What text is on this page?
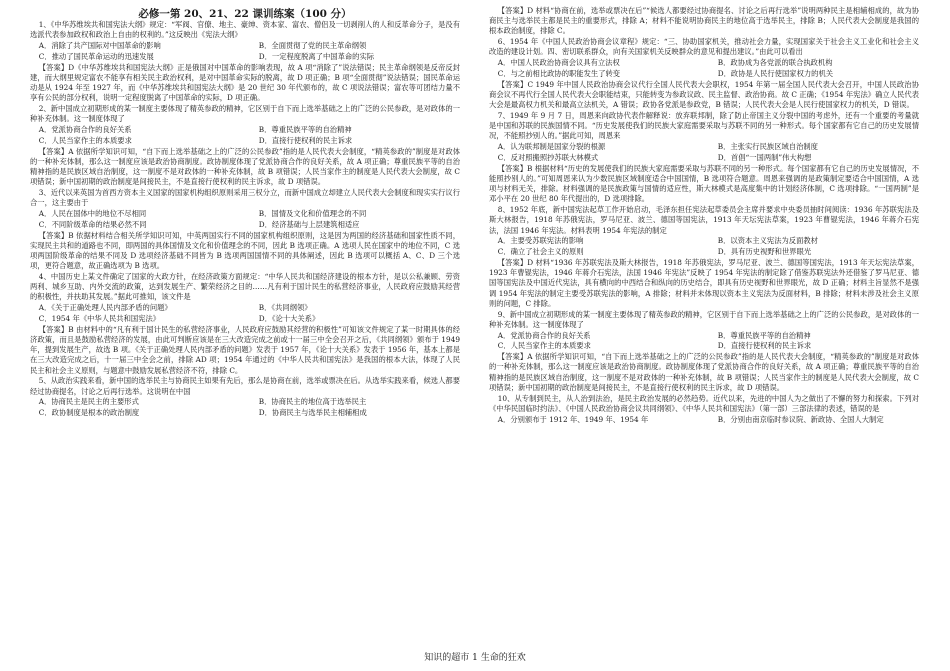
必修一第 20、21、22 课训练案（100 分）

1、《中华苏维埃共和国宪法大纲》规定：“军阀、官僚、地主、豪绅、资本家、富农、僧侣及一切剥削人的人和反革命分子，是没有选派代表参加政权和政治上自由的权利的。”这反映出《宪法大纲》

A．消除了共产国际对中国革命的影响	B．全面贯彻了党的民主革命纲领
C．推动了国民革命运动的迅速发展	D．一定程度脱离了中国革命的实际

【答案】D《中华苏维埃共和国宪法大纲》正是俄国对中国革命的影响表现，故 A 项“消除了”说法错误；民主革命纲领是反帝反封建，而大纲里规定富农不能享有相关民主政治权利，是对中国革命实际的脱离，故 D 项正确；B 项“全面贯彻”说法错误；国民革命运动是从 1924 年至 1927 年，而《中华苏维埃共和国宪法大纲》是 20 世纪 30 年代颁布的，故 C 项说法错误；富农等可团结力量不享有公民的部分权利，说明一定程度脱离了中国革命的实际，D 项正确。

2、新中国成立初期形成的某一制度主要体现了精英参政的精神，它区别于自下而上选举基础之上的广泛的公民参政，是对政体的一种补充体制。这一制度体现了

A．党派协商合作的良好关系	B．尊重民族平等的自治精神
C．人民当家作主的本质要求	D．直接行使权利的民主诉求

【答案】A 依据所学知识可知，“自下而上选举基础之上的广泛的公民参政”指的是人民代表大会制度，“精英参政的”制度是对政体的一种补充体制，那么这一制度应该是政治协商制度。政协制度体现了党派协商合作的良好关系，故 A 项正确；尊重民族平等的自治精神指的是民族区域自治制度，这一制度不是对政体的一种补充体制，故 B 项错误；人民当家作主的制度是人民代表大会制度，故 C 项错误；新中国初期的政治制度是间接民主，不是直接行使权利的民主诉求，故 D 项错误。

3、近代以来英国为首西方资本主义国家的国家机构组织原则采用三权分立，而新中国成立却建立人民代表大会制度和现实实行议行合一，这主要由于

A．人民在国体中的地位不尽相同	B．国情及文化和价值理念的不同
C．不同阶级革命的结果必然不同	D．经济基础与上层建筑相适应

【答案】B 依据材料结合相关所学知识可知，中英两国实行不同的国家机构组织原则，这是因为两国的经济基础和国家性质不同，实现民主共和的道路也不同，即两国的具体国情及文化和价值理念的不同，因此 B 选项正确。A 选项人民在国家中的地位不同，C 选项两国阶级革命的结果不同及 D 选项经济基础不同皆为 B 选项两国国情不同的具体阐述，因此 B 选项可以概括 A、C、D 三个选项，更符合题意，故正确选项为 B 选项。

4、中国历史上某文件确定了国家的大政方针，在经济政策方面规定：“中华人民共和国经济建设的根本方针，是以公私兼顾、劳资两利、城乡互助、内外交流的政策，达到发展生产、繁荣经济之目的……凡有利于国计民生的私营经济事业，人民政府应鼓励其经营的积极性，并扶助其发展。”据此可推知，该文件是

A．《关于正确处理人民内部矛盾的问题》	B．《共同纲领》
C．1954 年《中华人民共和国宪法》	D．《论十大关系》

【答案】B 由材料中的“凡有利于国计民生的私营经济事业，人民政府应鼓励其经营的积极性”可知该文件规定了某一时期具体的经济政策，而且是鼓励私营经济的发展，由此可判断应该是在三大改造完成之前或十一届三中全会召开之后，《共同纲领》颁布于 1949 年，提到发展生产，故选 B 项。《关于正确处理人民内部矛盾的问题》发表于 1957 年，《论十大关系》发表于 1956 年，基本上都是在三大改造完成之后，十一届三中全会之前，排除 AD 项；1954 年通过的《中华人民共和国宪法》是我国的根本大法，体现了人民民主和社会主义原则，与题意中鼓励发展私营经济不符，排除 C。

5、从政治实践来看，新中国的选举民主与协商民主如果有先后，那么是协商在前，选举或票决在后。从选举实践来看，候选人都要经过协商提名，讨论之后再行选举。这说明在中国

A．协商民主是民主的主要形式	B．协商民主的地位高于选举民主
C．政协制度是根本的政治制度	D．协商民主与选举民主相辅相成

【答案】D 材料“协商在前，选举或票决在后”“候选人都要经过协商提名、讨论之后再行选举”说明两种民主是相辅相成的，故为协商民主与选举民主都是民主的重要形式，排除 A；材料不能说明协商民主的地位高于选举民主，排除 B；人民代表大会制度是我国的根本政治制度，排除 C。

6、1954 年《中国人民政治协商会议章程》规定：“三、协助国家机关，推动社会力量，实现国家关于社会主义工业化和社会主义改造的建设计划。四、密切联系群众，向有关国家机关反映群众的意见和提出建议。”由此可以看出

A．中国人民政治协商会议具有立法权	B．政协成为各党派的联合执政机构
C．与之前相比政协的职能发生了转变	D．政协是人民行使国家权力的机关

【答案】C 1949 年中国人民政治协商会议代行全国人民代表大会职权，1954 年第一届全国人民代表大会召开，中国人民政治协商会议不再代行全国人民代表大会职能结束，只能转变为参政议政、民主监督、政治协商。故 C 正确；《1954 年宪法》确立人民代表大会是最高权力机关和最高立法机关，A 错误；政协各党派是参政党，B 错误；人民代表大会是人民行使国家权力的机关，D 错误。

7、1949 年 9 月 7 日，周恩来向政协代表作解释说：放弃联邦制，除了防止帝国主义分裂中国的考虑外，还有一个重要的考量就是中国和苏联的民族国情不同。“历史发展使我们的民族大家庭需要采取与苏联不同的另一种形式。每个国家都有它自己的历史发展情况，不能照抄别人的。”据此可知，周恩来

A．认为联邦制是国家分裂的根源	B．主张实行民族区域自治制度
C．反对照搬照抄苏联大林模式	D．首倡“一国两制”伟大构想

【答案】B 根据材料“历史的发展使我们的民族大家庭需要采取与苏联不同的另一种形式。每个国家都有它自己的历史发展情况，不能照抄别人的。”可知周恩来认为少数民族区域制度适合中国国情，B 选项符合题意。周恩来强调的是政策制定要适合中国国情，A 选项与材料无关，排除。材料强调的是民族政策与国情的适应性，斯大林模式是高度集中的计划经济体制，C 选项排除。“一国两制”是邓小平在 20 世纪 80 年代提出的，D 选项排除。

8、1952 年底，新中国宪法起草工作开始启动，毛泽东担任宪法起草委员会主席并要求中央委员抽时间阅读：1936 年苏联宪法及斯大林报告，1918 年苏俄宪法，罗马尼亚、波兰、德国等国宪法，1913 年天坛宪法草案，1923 年曹锟宪法，1946 年蒋介石宪法，法国 1946 年宪法。材料表明 1954 年宪法的制定

A．主要受苏联宪法的影响	B．以资本主义宪法为反面教材
C．确立了社会主义的原则	D．具有历史视野和世界眼光

【答案】D 材料“1936 年苏联宪法及斯大林报告，1918 年苏俄宪法，罗马尼亚、波兰、德国等国宪法，1913 年天坛宪法草案，1923 年曹锟宪法，1946 年蒋介石宪法，法国 1946 年宪法”反映了 1954 年宪法的制定除了借鉴苏联宪法外还借鉴了罗马尼亚、德国等国宪法及中国近代宪法，具有横向的中西结合和纵向的历史结合，即具有历史视野和世界眼光，故 D 正确；材料主旨显然不是强调 1954 年宪法的制定主要受苏联宪法的影响，A 排除；材料并未体现以资本主义宪法为反面材料，B 排除；材料未涉及社会主义原则的问题，C 排除。

9、新中国成立初期形成的某一制度主要体现了精英参政的精神，它区别于自下而上选举基础之上的广泛的公民参政，是对政体的一种补充体制。这一制度体现了

A．党派协商合作的良好关系	B．尊重民族平等的自治精神
C．人民当家作主的本质要求	D．直接行使权利的民主诉求

【答案】A 依据所学知识可知，“自下而上选举基础之上的广泛的公民参政”指的是人民代表大会制度，“精英参政的”制度是对政体的一种补充体制，那么这一制度应该是政治协商制度。政协制度体现了党派协商合作的良好关系，故 A 项正确；尊重民族平等的自治精神指的是民族区域自治制度，这一制度不是对政体的一种补充体制，故 B 项错误；人民当家作主的制度是人民代表大会制度，故 C 项错误；新中国初期的政治制度是间接民主，不是直接行使权利的民主诉求，故 D 项错误。

10、从专制到民主，从人治到法治，是民主政治发展的必然趋势。近代以来，先进的中国人为之做出了不懈的努力和探索。下列对《中华民国临时约法》、《中国人民政治协商会议共同纲领》、《中华人民共和国宪法》（第一部）三部法律的表述，错误的是

A．分别颁布于 1912 年、1949 年、1954 年	B．分别由南京临时参议院、新政协、全国人大制定
知识的超市 1 生命的狂欢
